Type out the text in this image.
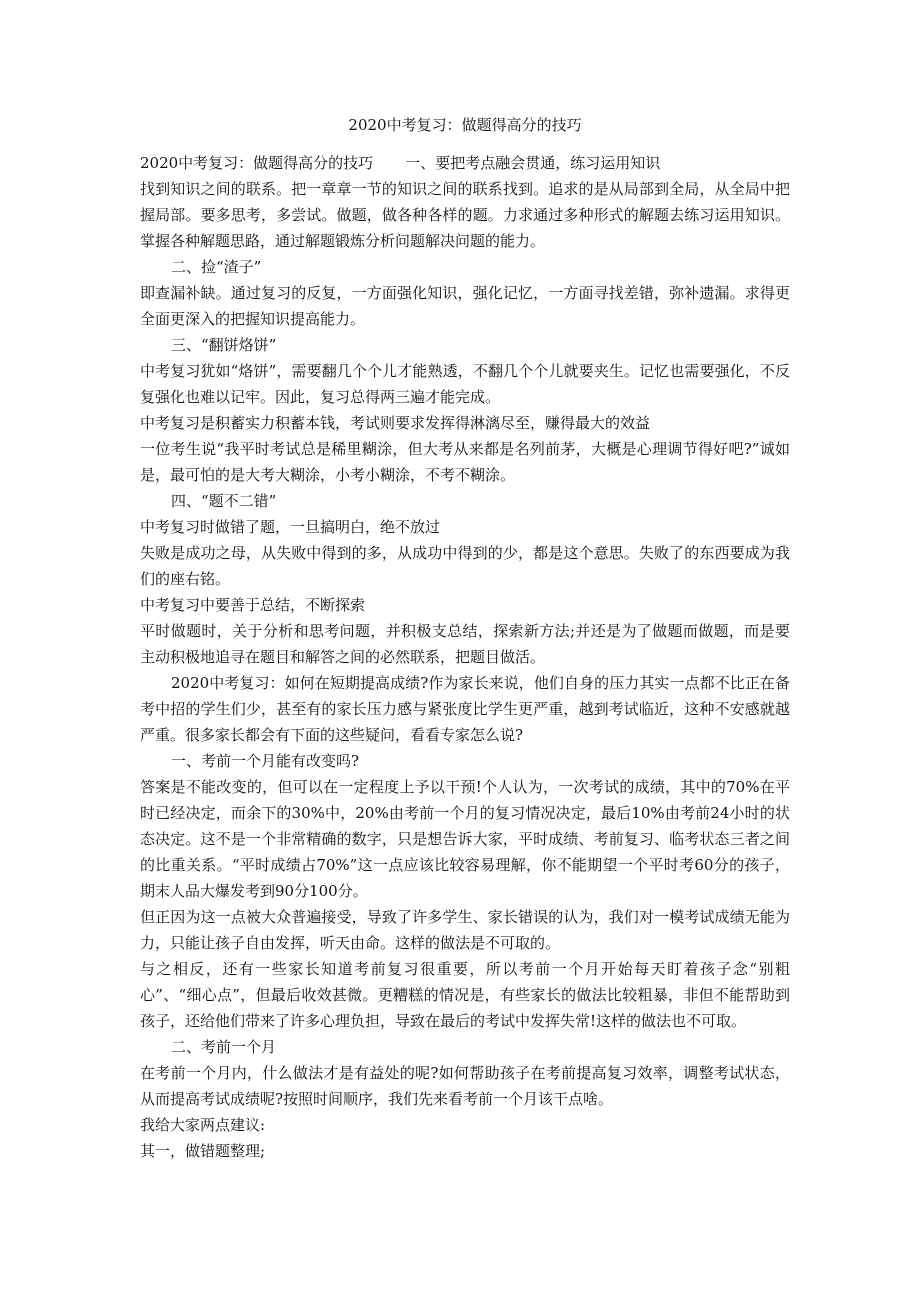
2020中考复习：做题得高分的技巧

2020中考复习：做题得高分的技巧 一、要把考点融会贯通，练习运用知识

找到知识之间的联系。把一章章一节的知识之间的联系找到。追求的是从局部到全局，从全局中把握局部。要多思考，多尝试。做题，做各种各样的题。力求通过多种形式的解题去练习运用知识。掌握各种解题思路，通过解题锻炼分析问题解决问题的能力。

二、捡“渣子”

即查漏补缺。通过复习的反复，一方面强化知识，强化记忆，一方面寻找差错，弥补遗漏。求得更全面更深入的把握知识提高能力。

三、“翻饼烙饼”

中考复习犹如“烙饼”，需要翻几个个儿才能熟透，不翻几个个儿就要夹生。记忆也需要强化，不反复强化也难以记牢。因此，复习总得两三遍才能完成。

中考复习是积蓄实力积蓄本钱，考试则要求发挥得淋漓尽至，赚得最大的效益

一位考生说“我平时考试总是稀里糊涂，但大考从来都是名列前茅，大概是心理调节得好吧?”诚如是，最可怕的是大考大糊涂，小考小糊涂，不考不糊涂。

四、“题不二错”

中考复习时做错了题，一旦搞明白，绝不放过

失败是成功之母，从失败中得到的多，从成功中得到的少，都是这个意思。失败了的东西要成为我们的座右铭。

中考复习中要善于总结，不断探索

平时做题时，关于分析和思考问题，并积极支总结，探索新方法;并还是为了做题而做题，而是要主动积极地追寻在题目和解答之间的必然联系，把题目做活。

2020中考复习：如何在短期提高成绩?作为家长来说，他们自身的压力其实一点都不比正在备考中招的学生们少，甚至有的家长压力感与紧张度比学生更严重，越到考试临近，这种不安感就越严重。很多家长都会有下面的这些疑问，看看专家怎么说?

一、考前一个月能有改变吗?

答案是不能改变的，但可以在一定程度上予以干预!个人认为，一次考试的成绩，其中的70%在平时已经决定，而余下的30%中，20%由考前一个月的复习情况决定，最后10%由考前24小时的状态决定。这不是一个非常精确的数字，只是想告诉大家，平时成绩、考前复习、临考状态三者之间的比重关系。“平时成绩占70%”这一点应该比较容易理解，你不能期望一个平时考60分的孩子，期末人品大爆发考到90分100分。

但正因为这一点被大众普遍接受，导致了许多学生、家长错误的认为，我们对一模考试成绩无能为力，只能让孩子自由发挥，听天由命。这样的做法是不可取的。

与之相反，还有一些家长知道考前复习很重要，所以考前一个月开始每天盯着孩子念“别粗心”、“细心点”，但最后收效甚微。更糟糕的情况是，有些家长的做法比较粗暴，非但不能帮助到孩子，还给他们带来了许多心理负担，导致在最后的考试中发挥失常!这样的做法也不可取。

二、考前一个月

在考前一个月内，什么做法才是有益处的呢?如何帮助孩子在考前提高复习效率，调整考试状态，从而提高考试成绩呢?按照时间顺序，我们先来看考前一个月该干点啥。

我给大家两点建议:

其一，做错题整理;
